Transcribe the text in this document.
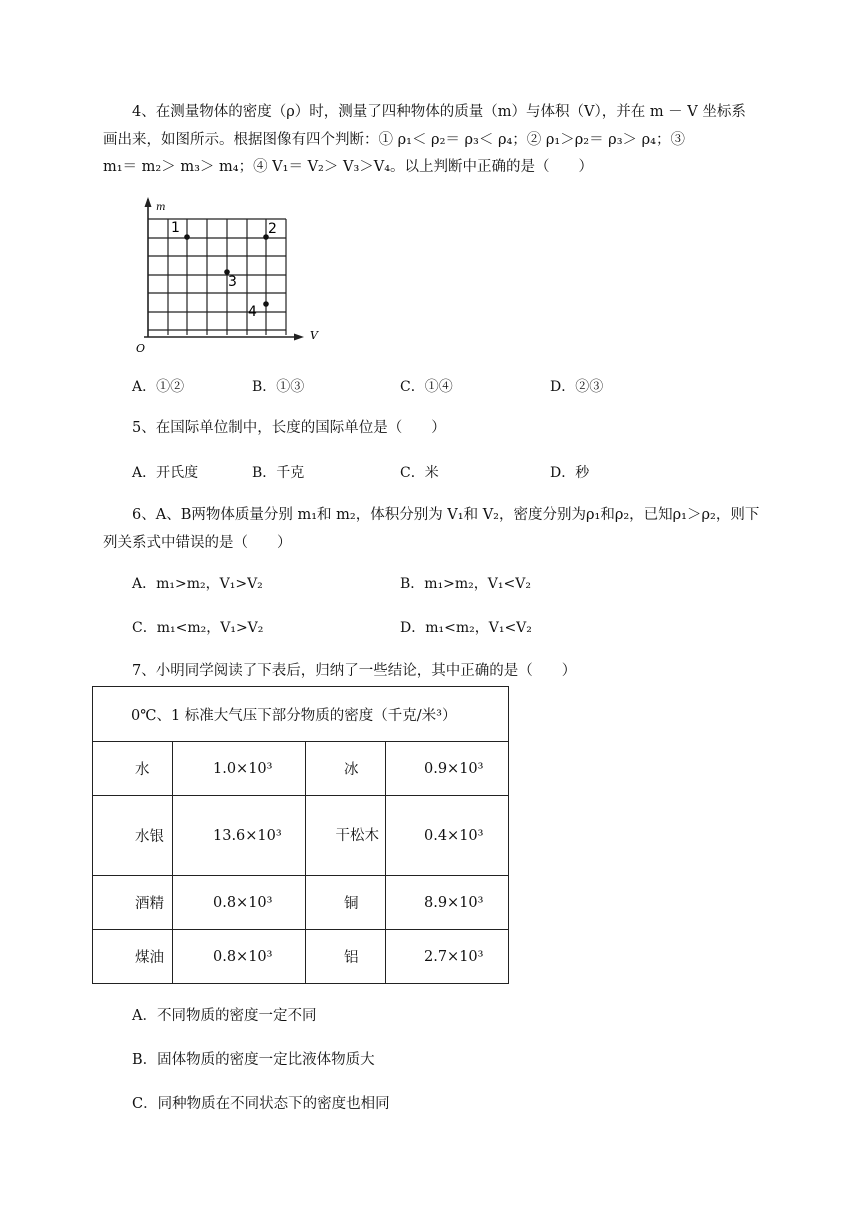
4、在测量物体的密度（ρ）时，测量了四种物体的质量（m）与体积（V），并在 m － V 坐标系
画出来，如图所示。根据图像有四个判断：① ρ₁＜ ρ₂＝ ρ₃＜ ρ₄；② ρ₁＞ρ₂＝ ρ₃＞ ρ₄；③
m₁＝ m₂＞ m₃＞ m₄；④ V₁＝ V₂＞ V₃＞V₄。以上判断中正确的是（　　）
m
V
O
1	2
3
4
A．①②	B．①③	C．①④	D．②③
5、在国际单位制中，长度的国际单位是（　　）
A．开氏度	B．千克	C．米	D．秒
6、A、B两物体质量分别 m₁和 m₂，体积分别为 V₁和 V₂，密度分别为ρ₁和ρ₂，已知ρ₁＞ρ₂，则下
列关系式中错误的是（　　）
A．m₁>m₂，V₁>V₂	B．m₁>m₂，V₁<V₂
C．m₁<m₂，V₁>V₂	D．m₁<m₂，V₁<V₂
7、小明同学阅读了下表后，归纳了一些结论，其中正确的是（　　）
0℃、1 标准大气压下部分物质的密度（千克/米³）			
水	1.0×10³	冰	0.9×10³
水银	13.6×10³	干松木	0.4×10³
酒精	0.8×10³	铜	8.9×10³
煤油	0.8×10³	铝	2.7×10³
A．不同物质的密度一定不同
B．固体物质的密度一定比液体物质大
C．同种物质在不同状态下的密度也相同
